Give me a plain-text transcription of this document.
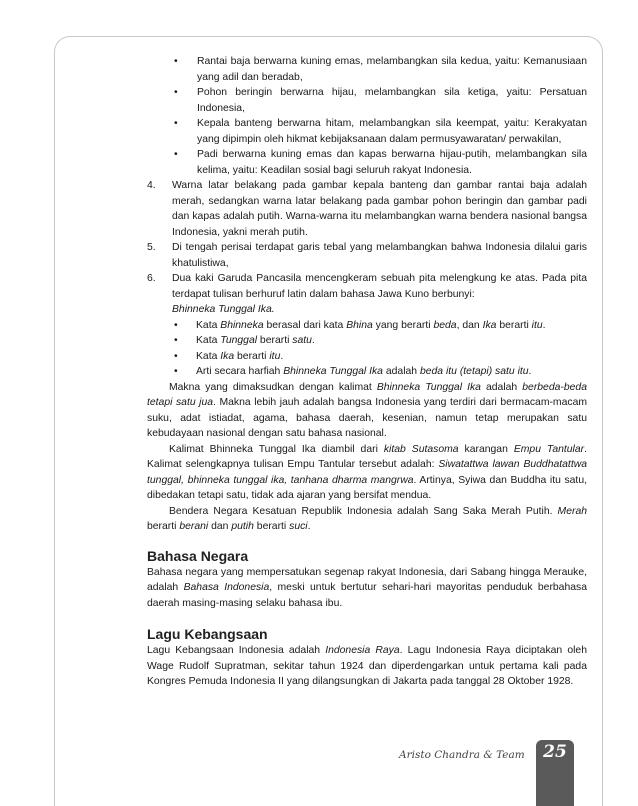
•	Rantai baja berwarna kuning emas, melambangkan sila kedua, yaitu: Kemanusiaan yang adil dan beradab,
•	Pohon beringin berwarna hijau, melambangkan sila ketiga, yaitu: Persatuan Indonesia,
•	Kepala banteng berwarna hitam, melambangkan sila keempat, yaitu: Kerakyatan yang dipimpin oleh hikmat kebijaksanaan dalam permusyawaratan/ perwakilan,
•	Padi berwarna kuning emas dan kapas berwarna hijau-putih, melambangkan sila kelima, yaitu: Keadilan sosial bagi seluruh rakyat Indonesia.
4.	Warna latar belakang pada gambar kepala banteng dan gambar rantai baja adalah merah, sedangkan warna latar belakang pada gambar pohon beringin dan gambar padi dan kapas adalah putih. Warna-warna itu melambangkan warna bendera nasional bangsa Indonesia, yakni merah putih.
5.	Di tengah perisai terdapat garis tebal yang melambangkan bahwa Indonesia dilalui garis khatulistiwa,
6.	Dua kaki Garuda Pancasila mencengkeram sebuah pita melengkung ke atas. Pada pita terdapat tulisan berhuruf latin dalam bahasa Jawa Kuno berbunyi:
Bhinneka Tunggal Ika.
•	Kata Bhinneka berasal dari kata Bhina yang berarti beda, dan Ika berarti itu.
•	Kata Tunggal berarti satu.
•	Kata Ika berarti itu.
•	Arti secara harfiah Bhinneka Tunggal Ika adalah beda itu (tetapi) satu itu.

Makna yang dimaksudkan dengan kalimat Bhinneka Tunggal Ika adalah berbeda-beda tetapi satu jua. Makna lebih jauh adalah bangsa Indonesia yang terdiri dari bermacam-macam suku, adat istiadat, agama, bahasa daerah, kesenian, namun tetap merupakan satu kebudayaan nasional dengan satu bahasa nasional.

Kalimat Bhinneka Tunggal Ika diambil dari kitab Sutasoma karangan Empu Tantular. Kalimat selengkapnya tulisan Empu Tantular tersebut adalah: Siwatattwa lawan Buddhatattwa tunggal, bhinneka tunggal ika, tanhana dharma mangrwa. Artinya, Syiwa dan Buddha itu satu, dibedakan tetapi satu, tidak ada ajaran yang bersifat mendua.

Bendera Negara Kesatuan Republik Indonesia adalah Sang Saka Merah Putih. Merah berarti berani dan putih berarti suci.

Bahasa Negara

Bahasa negara yang mempersatukan segenap rakyat Indonesia, dari Sabang hingga Merauke, adalah Bahasa Indonesia, meski untuk bertutur sehari-hari mayoritas penduduk berbahasa daerah masing-masing selaku bahasa ibu.

Lagu Kebangsaan

Lagu Kebangsaan Indonesia adalah Indonesia Raya. Lagu Indonesia Raya diciptakan oleh Wage Rudolf Supratman, sekitar tahun 1924 dan diperdengarkan untuk pertama kali pada Kongres Pemuda Indonesia II yang dilangsungkan di Jakarta pada tanggal 28 Oktober 1928.

Aristo Chandra & Team	25
